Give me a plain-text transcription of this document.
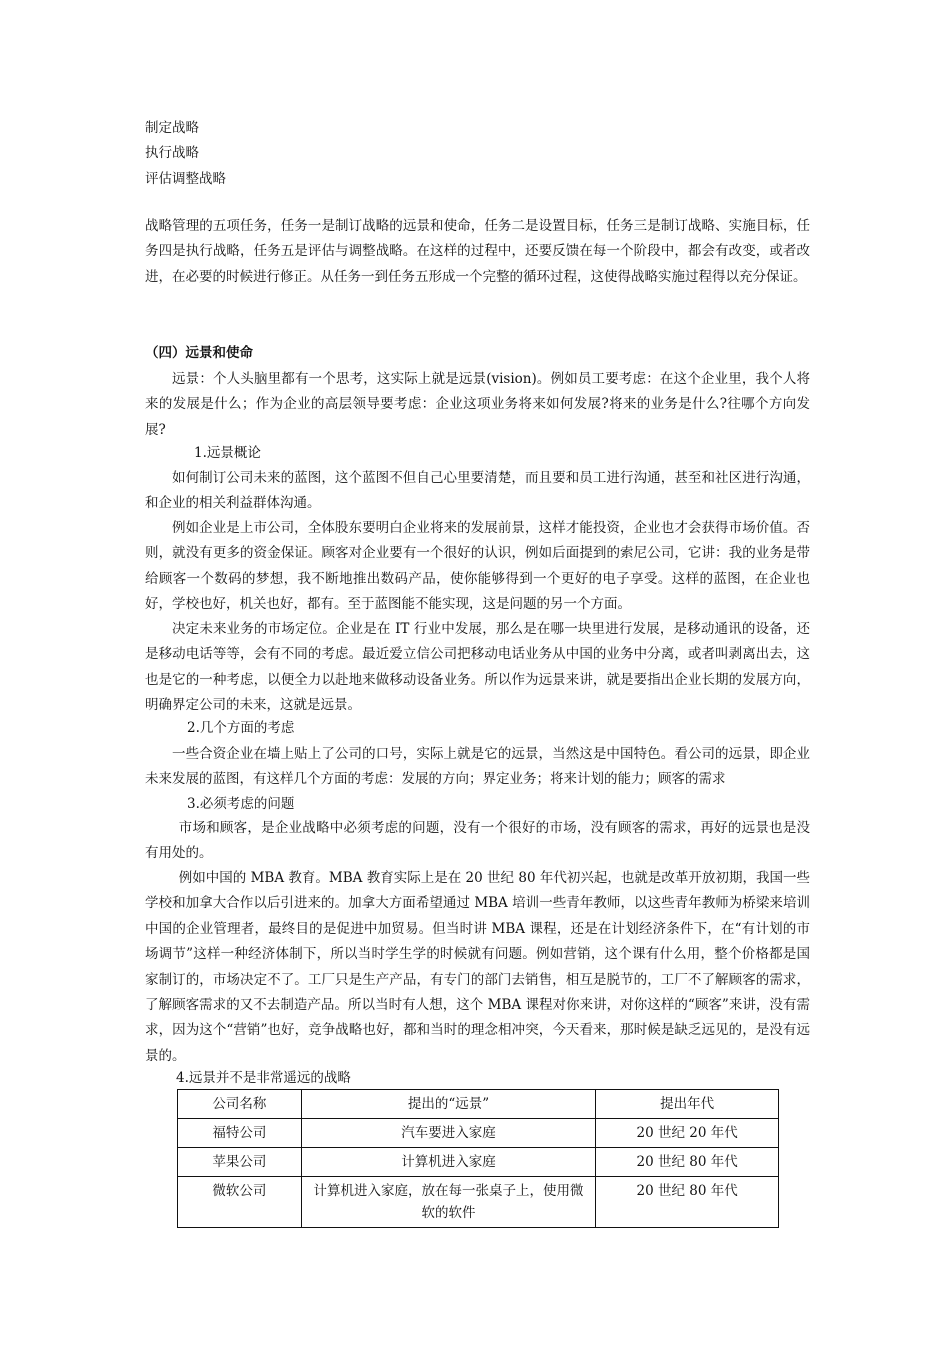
制定战略
执行战略
评估调整战略
战略管理的五项任务，任务一是制订战略的远景和使命，任务二是设置目标，任务三是制订战略、实施目标，任务四是执行战略，任务五是评估与调整战略。在这样的过程中，还要反馈在每一个阶段中，都会有改变，或者改进，在必要的时候进行修正。从任务一到任务五形成一个完整的循环过程，这使得战略实施过程得以充分保证。
（四）远景和使命
远景：个人头脑里都有一个思考，这实际上就是远景(vision)。例如员工要考虑：在这个企业里，我个人将来的发展是什么；作为企业的高层领导要考虑：企业这项业务将来如何发展?将来的业务是什么?往哪个方向发展?
1.远景概论
如何制订公司未来的蓝图，这个蓝图不但自己心里要清楚，而且要和员工进行沟通，甚至和社区进行沟通，和企业的相关利益群体沟通。
例如企业是上市公司，全体股东要明白企业将来的发展前景，这样才能投资，企业也才会获得市场价值。否则，就没有更多的资金保证。顾客对企业要有一个很好的认识，例如后面提到的索尼公司，它讲：我的业务是带给顾客一个数码的梦想，我不断地推出数码产品，使你能够得到一个更好的电子享受。这样的蓝图，在企业也好，学校也好，机关也好，都有。至于蓝图能不能实现，这是问题的另一个方面。
决定未来业务的市场定位。企业是在 IT 行业中发展，那么是在哪一块里进行发展，是移动通讯的设备，还是移动电话等等，会有不同的考虑。最近爱立信公司把移动电话业务从中国的业务中分离，或者叫剥离出去，这也是它的一种考虑，以便全力以赴地来做移动设备业务。所以作为远景来讲，就是要指出企业长期的发展方向，明确界定公司的未来，这就是远景。
2.几个方面的考虑
一些合资企业在墙上贴上了公司的口号，实际上就是它的远景，当然这是中国特色。看公司的远景，即企业未来发展的蓝图，有这样几个方面的考虑：发展的方向；界定业务；将来计划的能力；顾客的需求
3.必须考虑的问题
市场和顾客，是企业战略中必须考虑的问题，没有一个很好的市场，没有顾客的需求，再好的远景也是没有用处的。
例如中国的 MBA 教育。MBA 教育实际上是在 20 世纪 80 年代初兴起，也就是改革开放初期，我国一些学校和加拿大合作以后引进来的。加拿大方面希望通过 MBA 培训一些青年教师，以这些青年教师为桥梁来培训中国的企业管理者，最终目的是促进中加贸易。但当时讲 MBA 课程，还是在计划经济条件下，在“有计划的市场调节”这样一种经济体制下，所以当时学生学的时候就有问题。例如营销，这个课有什么用，整个价格都是国家制订的，市场决定不了。工厂只是生产产品，有专门的部门去销售，相互是脱节的，工厂不了解顾客的需求，了解顾客需求的又不去制造产品。所以当时有人想，这个 MBA 课程对你来讲，对你这样的“顾客”来讲，没有需求，因为这个“营销”也好，竞争战略也好，都和当时的理念相冲突，今天看来，那时候是缺乏远见的，是没有远景的。
4.远景并不是非常遥远的战略
公司名称	提出的“远景”	提出年代
福特公司	汽车要进入家庭	20 世纪 20 年代
苹果公司	计算机进入家庭	20 世纪 80 年代
微软公司	计算机进入家庭，放在每一张桌子上，使用微软的软件	20 世纪 80 年代
